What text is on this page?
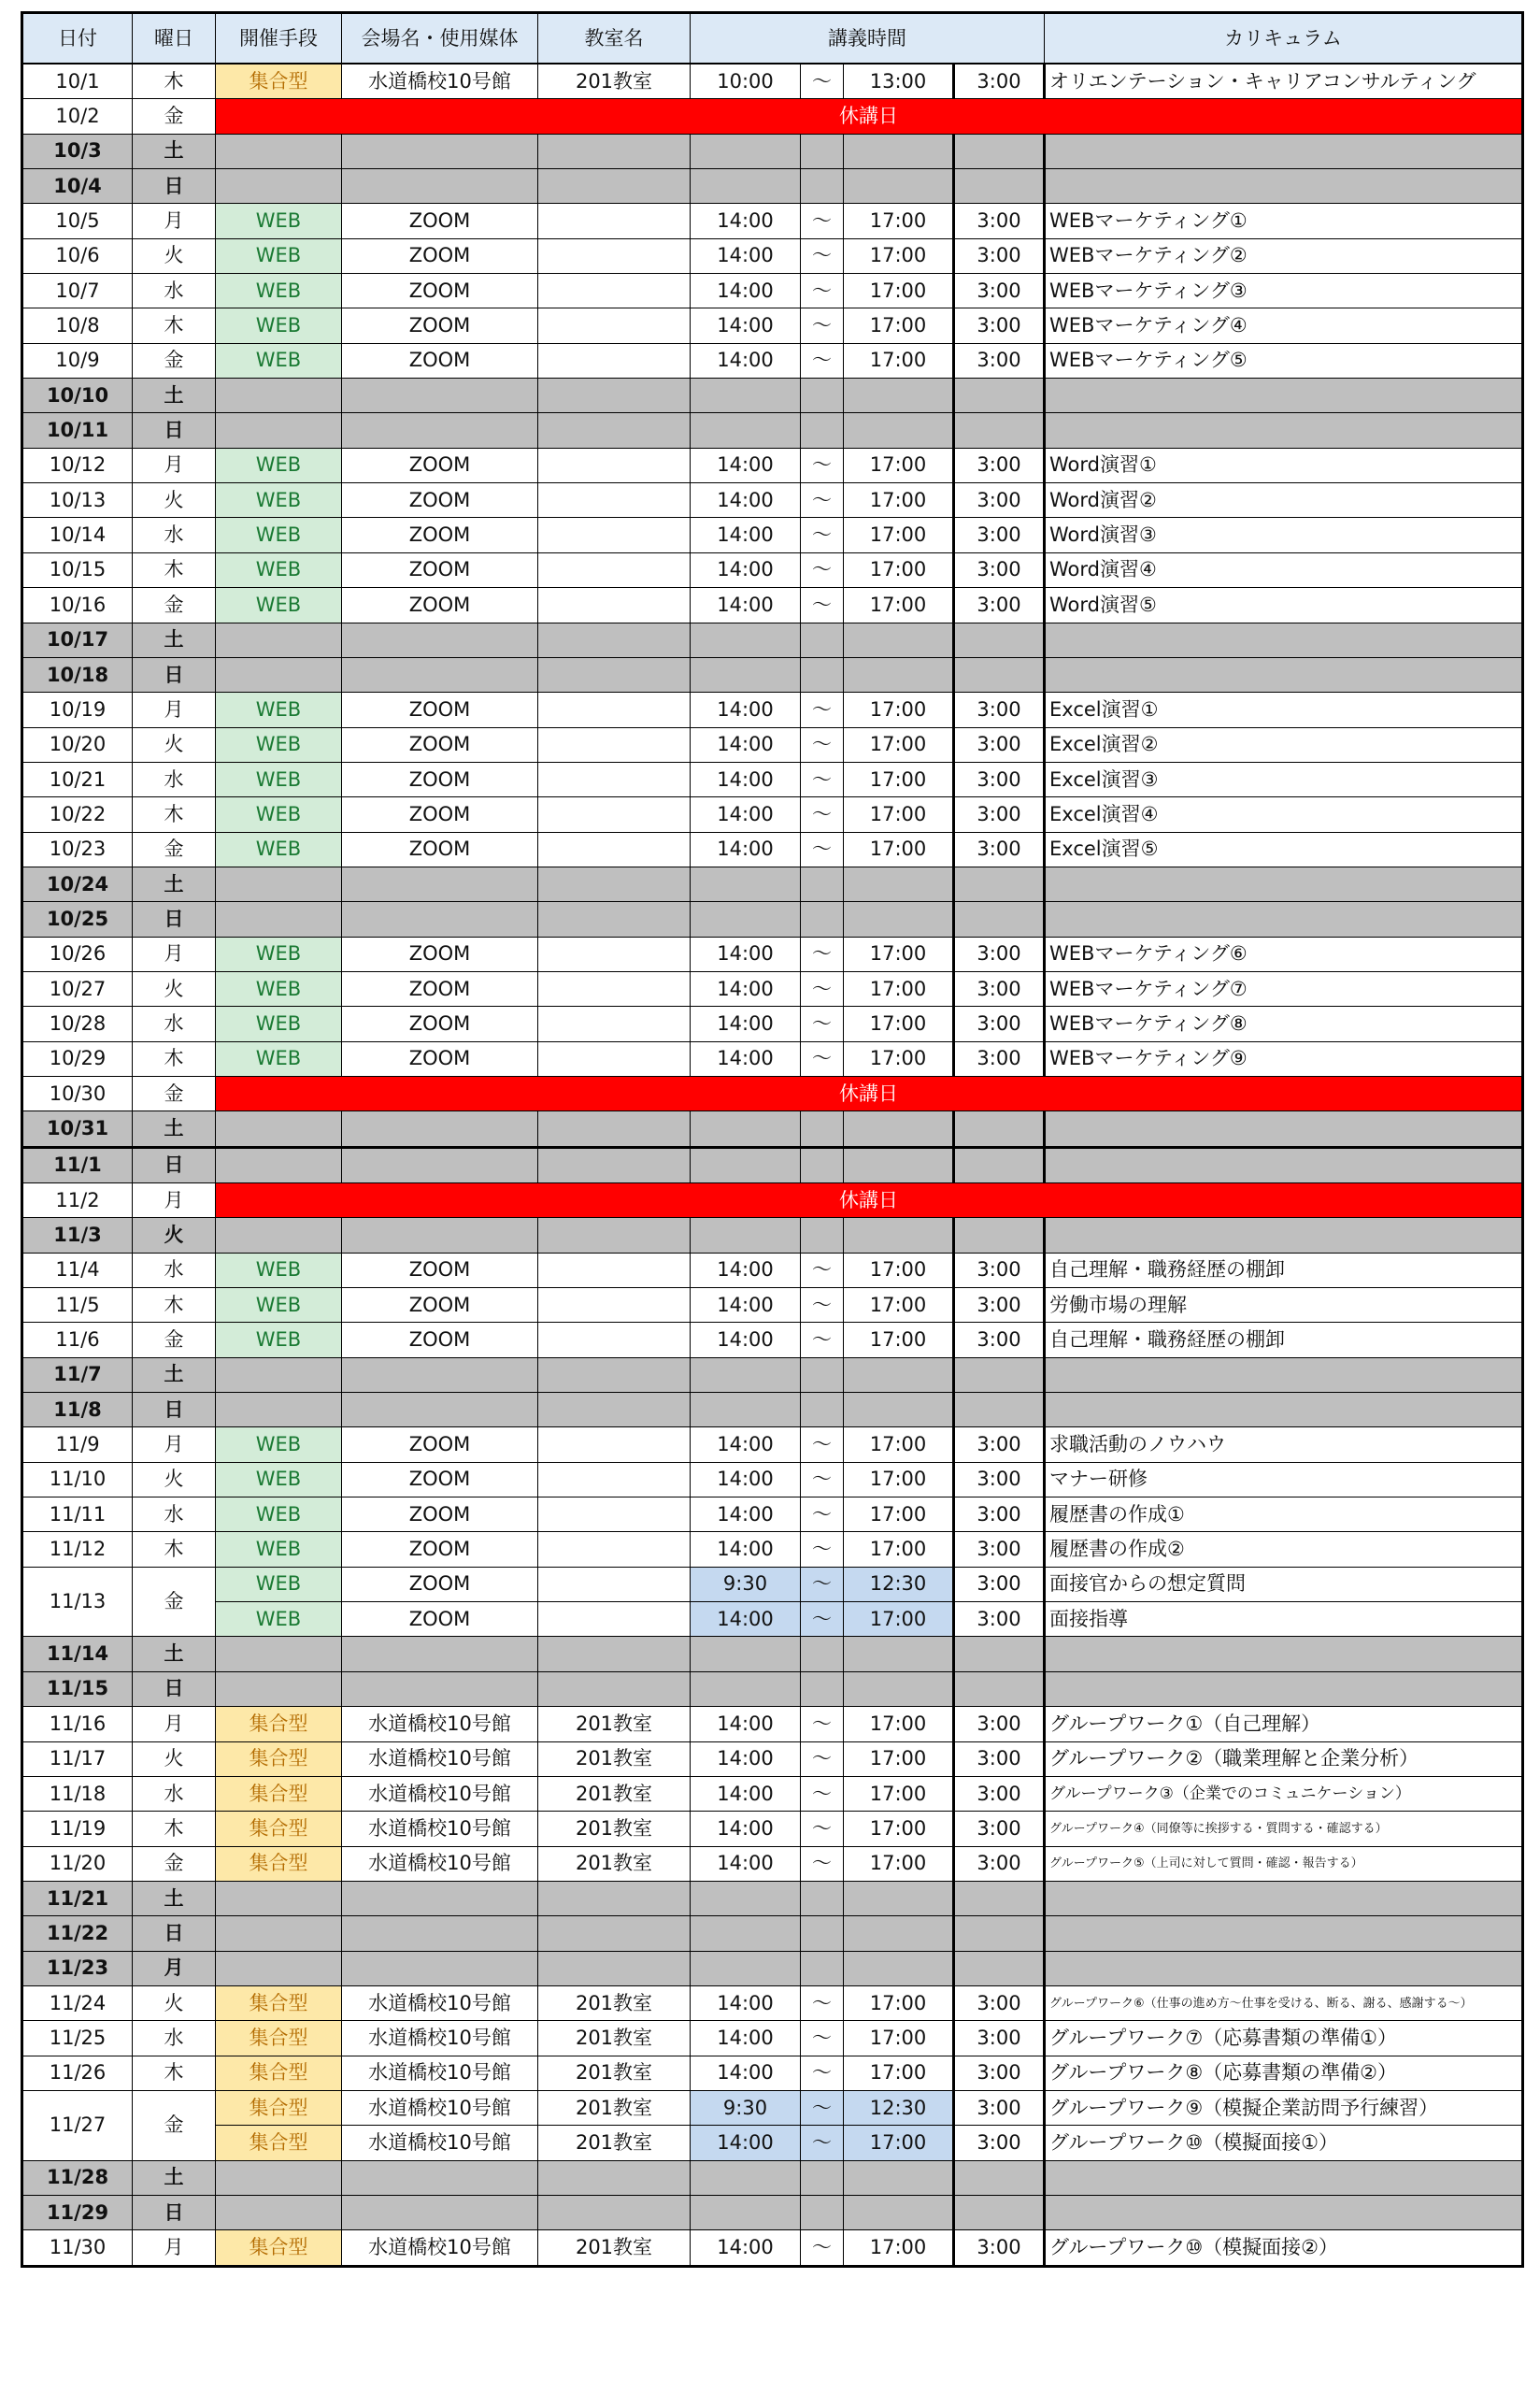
日付	曜日	開催手段	会場名・使用媒体	教室名	講義時間				カリキュラム
10/1	木	集合型	水道橋校10号館	201教室	10:00	～	13:00	3:00	オリエンテーション・キャリアコンサルティング
10/2	金	休講日							
10/3	土								
10/4	日								
10/5	月	WEB	ZOOM		14:00	～	17:00	3:00	WEBマーケティング①
10/6	火	WEB	ZOOM		14:00	～	17:00	3:00	WEBマーケティング②
10/7	水	WEB	ZOOM		14:00	～	17:00	3:00	WEBマーケティング③
10/8	木	WEB	ZOOM		14:00	～	17:00	3:00	WEBマーケティング④
10/9	金	WEB	ZOOM		14:00	～	17:00	3:00	WEBマーケティング⑤
10/10	土								
10/11	日								
10/12	月	WEB	ZOOM		14:00	～	17:00	3:00	Word演習①
10/13	火	WEB	ZOOM		14:00	～	17:00	3:00	Word演習②
10/14	水	WEB	ZOOM		14:00	～	17:00	3:00	Word演習③
10/15	木	WEB	ZOOM		14:00	～	17:00	3:00	Word演習④
10/16	金	WEB	ZOOM		14:00	～	17:00	3:00	Word演習⑤
10/17	土								
10/18	日								
10/19	月	WEB	ZOOM		14:00	～	17:00	3:00	Excel演習①
10/20	火	WEB	ZOOM		14:00	～	17:00	3:00	Excel演習②
10/21	水	WEB	ZOOM		14:00	～	17:00	3:00	Excel演習③
10/22	木	WEB	ZOOM		14:00	～	17:00	3:00	Excel演習④
10/23	金	WEB	ZOOM		14:00	～	17:00	3:00	Excel演習⑤
10/24	土								
10/25	日								
10/26	月	WEB	ZOOM		14:00	～	17:00	3:00	WEBマーケティング⑥
10/27	火	WEB	ZOOM		14:00	～	17:00	3:00	WEBマーケティング⑦
10/28	水	WEB	ZOOM		14:00	～	17:00	3:00	WEBマーケティング⑧
10/29	木	WEB	ZOOM		14:00	～	17:00	3:00	WEBマーケティング⑨
10/30	金	休講日							
10/31	土								
11/1	日								
11/2	月	休講日							
11/3	火								
11/4	水	WEB	ZOOM		14:00	～	17:00	3:00	自己理解・職務経歴の棚卸
11/5	木	WEB	ZOOM		14:00	～	17:00	3:00	労働市場の理解
11/6	金	WEB	ZOOM		14:00	～	17:00	3:00	自己理解・職務経歴の棚卸
11/7	土								
11/8	日								
11/9	月	WEB	ZOOM		14:00	～	17:00	3:00	求職活動のノウハウ
11/10	火	WEB	ZOOM		14:00	～	17:00	3:00	マナー研修
11/11	水	WEB	ZOOM		14:00	～	17:00	3:00	履歴書の作成①
11/12	木	WEB	ZOOM		14:00	～	17:00	3:00	履歴書の作成②
11/13	金	WEB	ZOOM		9:30	～	12:30	3:00	面接官からの想定質問
		WEB	ZOOM		14:00	～	17:00	3:00	面接指導
11/14	土								
11/15	日								
11/16	月	集合型	水道橋校10号館	201教室	14:00	～	17:00	3:00	グループワーク①（自己理解）
11/17	火	集合型	水道橋校10号館	201教室	14:00	～	17:00	3:00	グループワーク②（職業理解と企業分析）
11/18	水	集合型	水道橋校10号館	201教室	14:00	～	17:00	3:00	グループワーク③（企業でのコミュニケーション）
11/19	木	集合型	水道橋校10号館	201教室	14:00	～	17:00	3:00	グループワーク④（同僚等に挨拶する・質問する・確認する）
11/20	金	集合型	水道橋校10号館	201教室	14:00	～	17:00	3:00	グループワーク⑤（上司に対して質問・確認・報告する）
11/21	土								
11/22	日								
11/23	月								
11/24	火	集合型	水道橋校10号館	201教室	14:00	～	17:00	3:00	グループワーク⑥（仕事の進め方～仕事を受ける、断る、謝る、感謝する～）
11/25	水	集合型	水道橋校10号館	201教室	14:00	～	17:00	3:00	グループワーク⑦（応募書類の準備①）
11/26	木	集合型	水道橋校10号館	201教室	14:00	～	17:00	3:00	グループワーク⑧（応募書類の準備②）
11/27	金	集合型	水道橋校10号館	201教室	9:30	～	12:30	3:00	グループワーク⑨（模擬企業訪問予行練習）
		集合型	水道橋校10号館	201教室	14:00	～	17:00	3:00	グループワーク⑩（模擬面接①）
11/28	土								
11/29	日								
11/30	月	集合型	水道橋校10号館	201教室	14:00	～	17:00	3:00	グループワーク⑩（模擬面接②）
